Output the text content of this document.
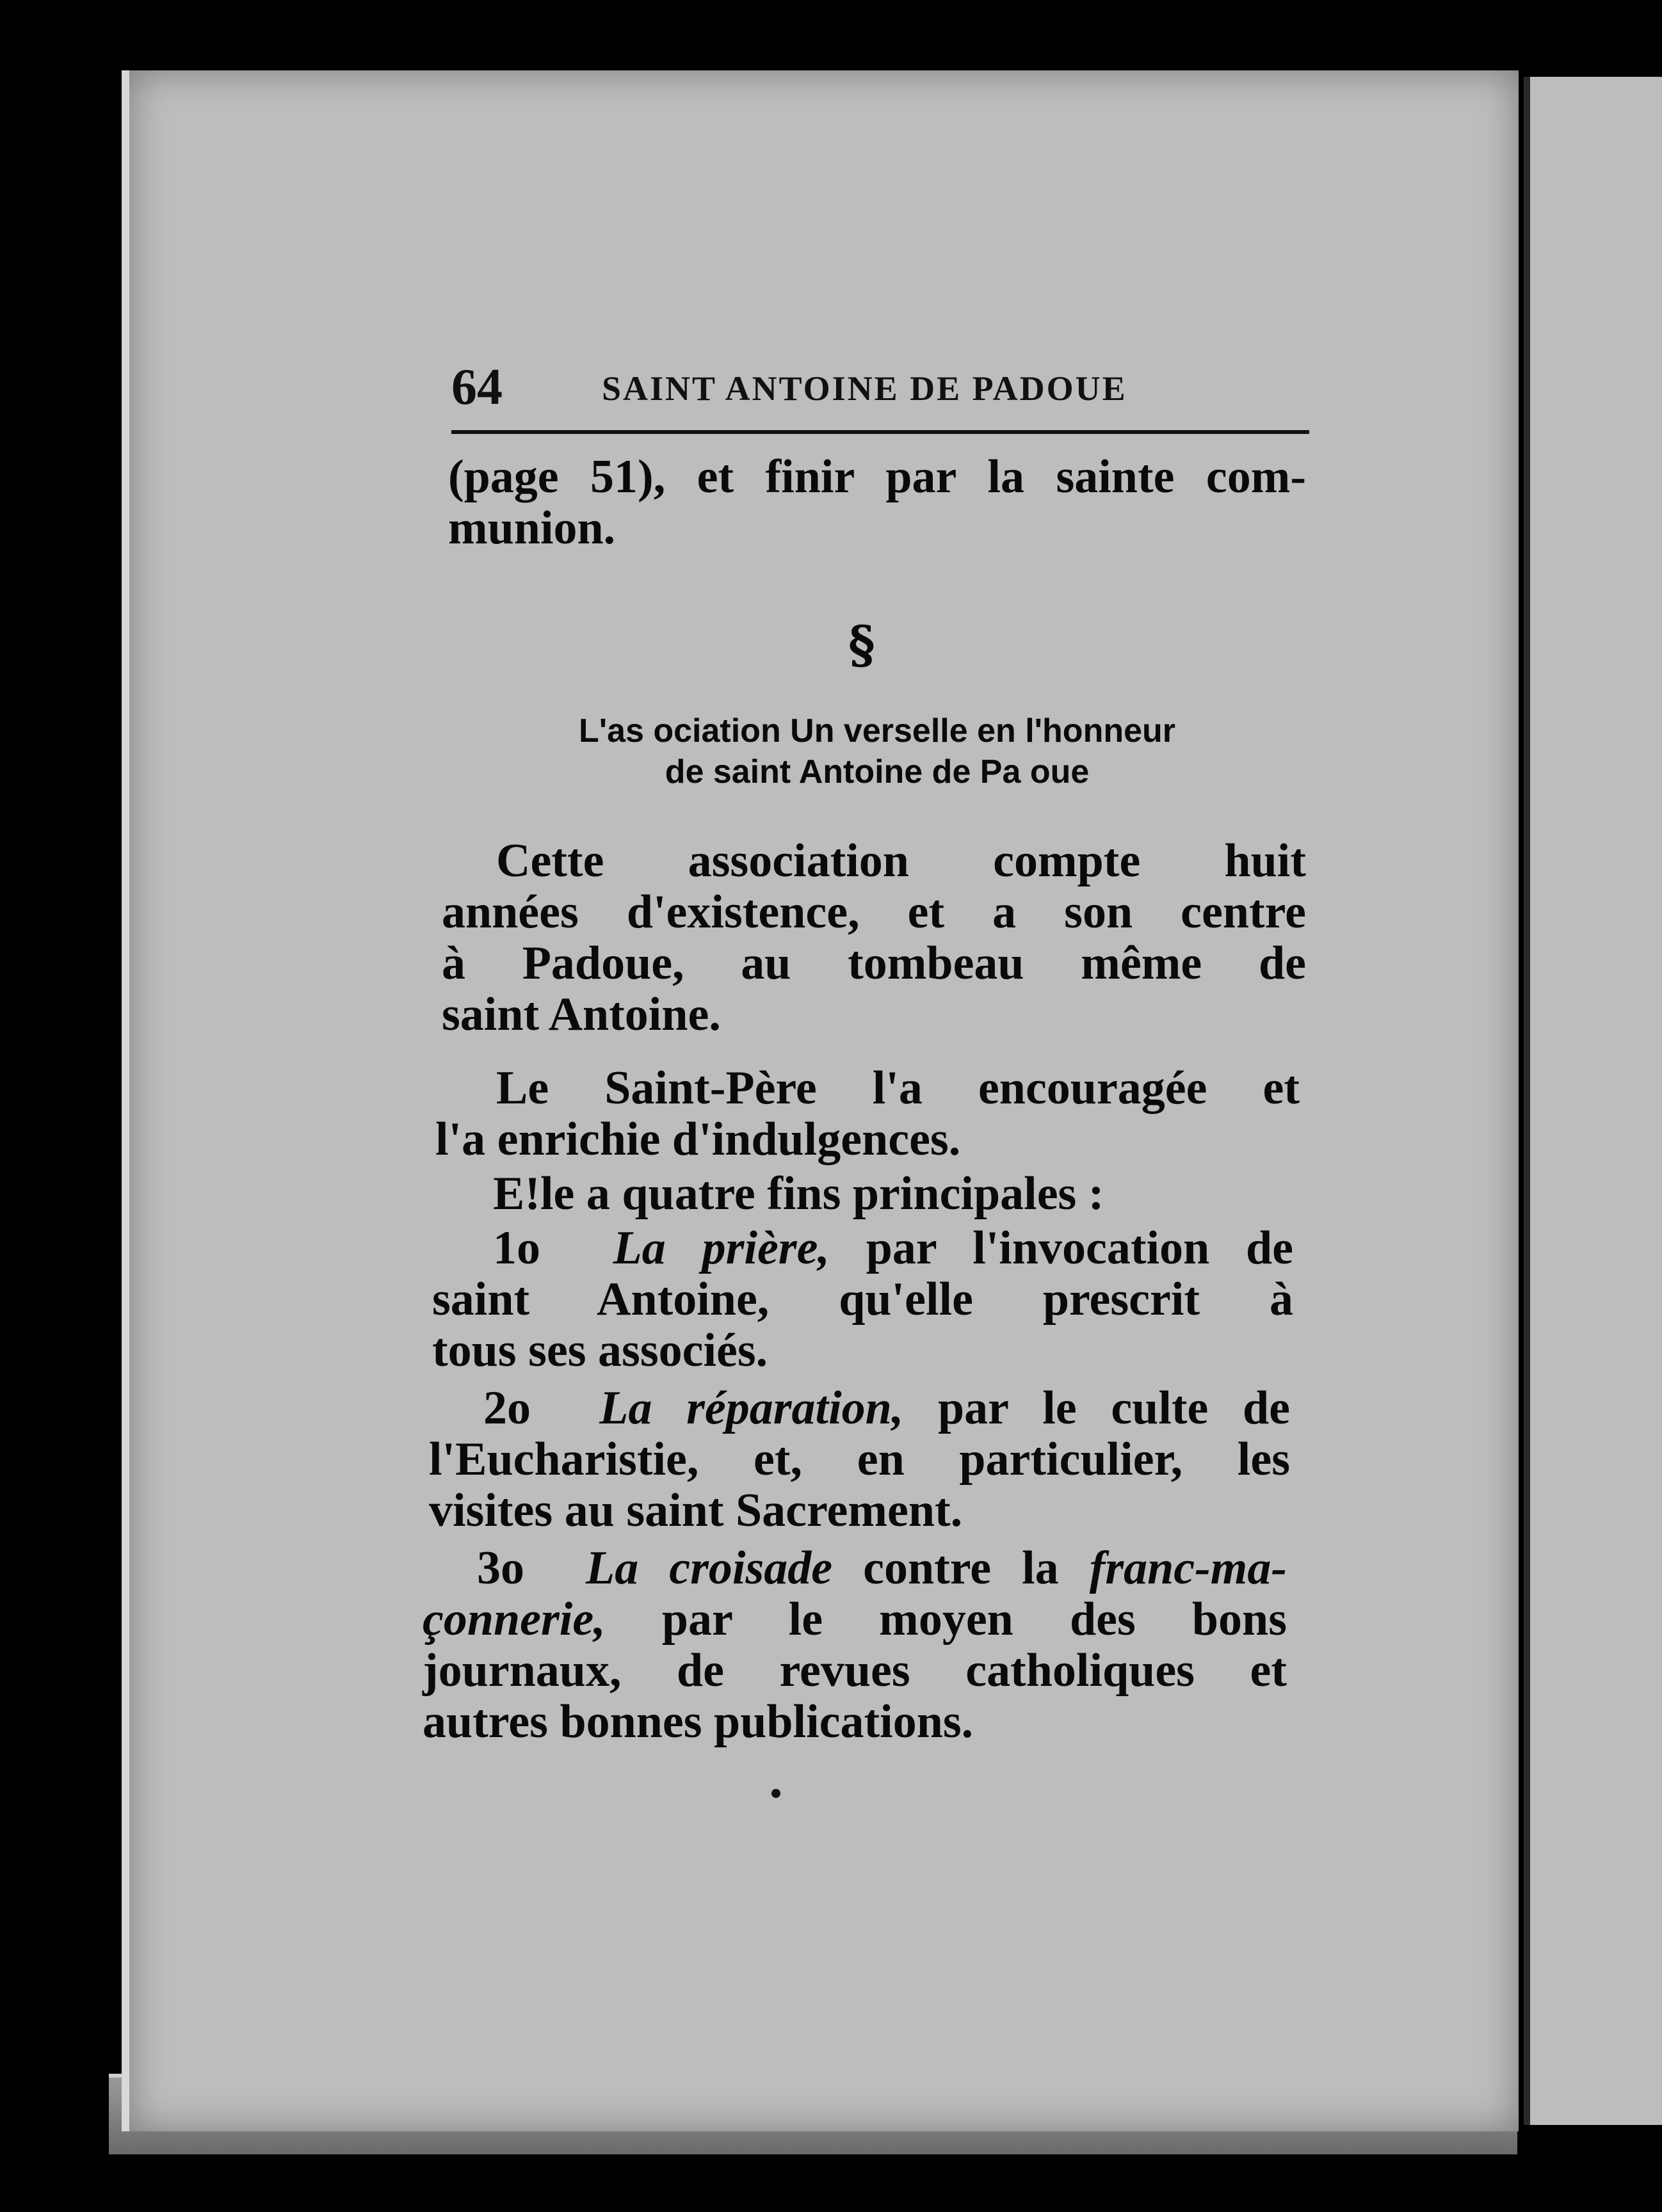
64	SAINT ANTOINE DE PADOUE
(page 51), et finir par la sainte com-
munion.
§
L'as ociation Un verselle en l'honneur
de saint Antoine de Pa oue
Cette association compte huit
années d'existence, et a son centre
à Padoue, au tombeau même de
saint Antoine.
Le Saint-Père l'a encouragée et
l'a enrichie d'indulgences.
E!le a quatre fins principales :
1o La prière, par l'invocation de
saint Antoine, qu'elle prescrit à
tous ses associés.
2o La réparation, par le culte de
l'Eucharistie, et, en particulier, les
visites au saint Sacrement.
3o La croisade contre la franc-ma-
çonnerie, par le moyen des bons
journaux, de revues catholiques et
autres bonnes publications.
